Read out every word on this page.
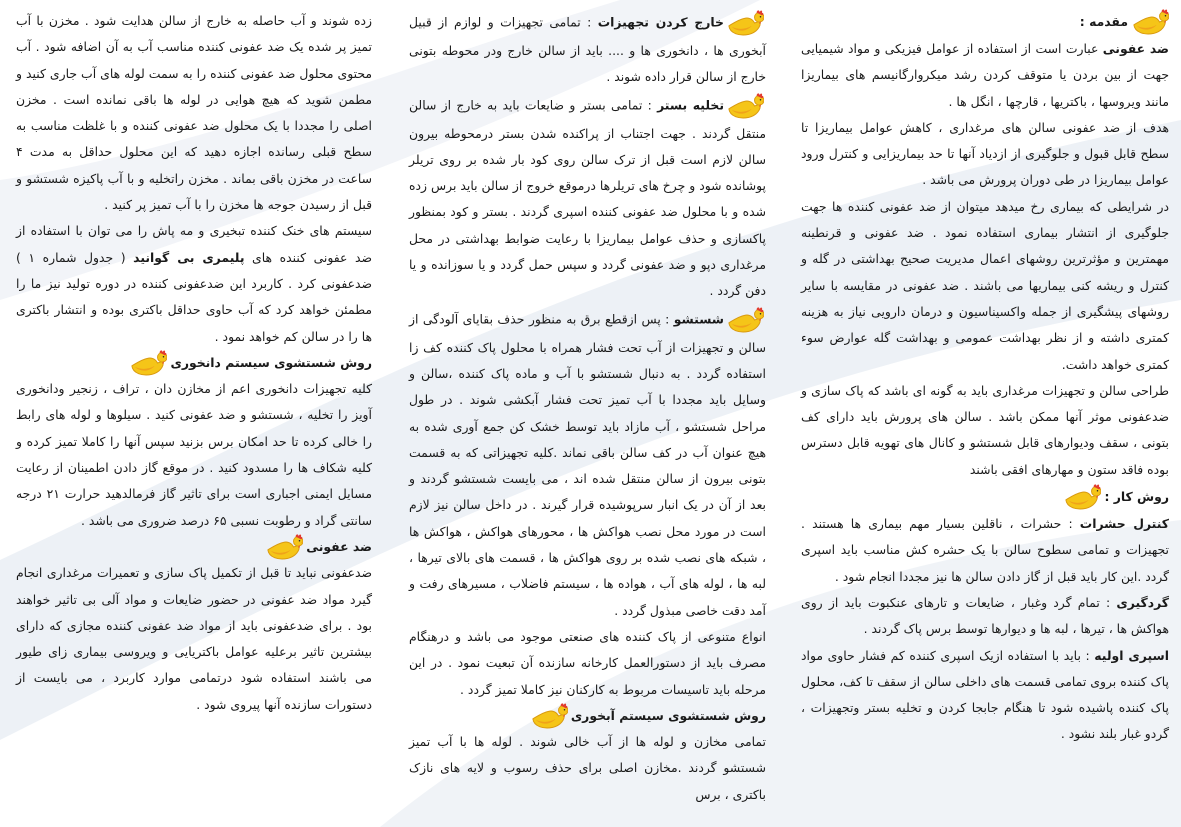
مقدمه :

ضد عفونی عبارت است از استفاده از عوامل فیزیکی و مواد شیمیایی جهت از بین بردن یا متوقف کردن رشد میکروارگانیسم های بیماریزا مانند ویروسها ، باکتریها ، قارچها ، انگل ها .

هدف از ضد عفونی سالن های مرغداری ، کاهش عوامل بیماریزا تا سطح قابل قبول و جلوگیری از ازدیاد آنها تا حد بیماریزایی و کنترل ورود عوامل بیماریزا در طی دوران پرورش می باشد .

در شرایطی که بیماری رخ میدهد میتوان از ضد عفونی کننده ها جهت جلوگیری از انتشار بیماری استفاده نمود . ضد عفونی و قرنطینه مهمترین و مؤثرترین روشهای اعمال مدیریت صحیح بهداشتی در گله و کنترل و ریشه کنی بیماریها می باشند . ضد عفونی در مقایسه با سایر روشهای پیشگیری از جمله واکسیناسیون و درمان دارویی نیاز به هزینه کمتری داشته و از نظر بهداشت عمومی و بهداشت گله عوارض سوء کمتری خواهد داشت.

طراحی سالن و تجهیزات مرغداری باید به گونه ای باشد که پاک سازی و ضدعفونی موثر آنها ممکن باشد . سالن های پرورش باید دارای کف بتونی ، سقف ودیوارهای قابل شستشو و کانال های تهویه قابل دسترس بوده فاقد ستون و مهارهای افقی باشند

روش کار :

کنترل حشرات : حشرات ، ناقلین بسیار مهم بیماری ها هستند . تجهیزات و تمامی سطوح سالن با یک حشره کش مناسب باید اسپری گردد .این کار باید قبل از گاز دادن سالن ها نیز مجددا انجام شود .

گردگیری : تمام گرد وغبار ، ضایعات و تارهای عنکبوت باید از روی هواکش ها ، تیرها ، لبه ها و دیوارها توسط برس پاک گردند .

اسپری اولیه : باید با استفاده ازیک اسپری کننده کم فشار حاوی مواد پاک کننده بروی تمامی قسمت های داخلی سالن از سقف تا کف، محلول پاک کننده پاشیده شود تا هنگام جابجا کردن و تخلیه بستر وتجهیزات ، گردو غبار بلند نشود .

خارج کردن تجهیزات : تمامی تجهیزات و لوازم از قبیل آبخوری ها ، دانخوری ها و .... باید از سالن خارج ودر محوطه بتونی خارج از سالن قرار داده شوند .

تخلیه بستر : تمامی بستر و ضایعات باید به خارج از سالن منتقل گردند . جهت اجتناب از پراکنده شدن بستر درمحوطه بیرون سالن لازم است قبل از ترک سالن روی کود بار شده بر روی تریلر پوشانده شود و چرخ های تریلرها درموقع خروج از سالن باید برس زده شده و با محلول ضد عفونی کننده اسپری گردند . بستر و کود بمنظور پاکسازی و حذف عوامل بیماریزا با رعایت ضوابط بهداشتی در محل مرغداری دپو و ضد عفونی گردد و سپس حمل گردد و یا سوزانده و یا دفن گردد .

شستشو : پس ازقطع برق به منظور حذف بقایای آلودگی از سالن و تجهیزات از آب تحت فشار همراه با محلول پاک کننده کف زا استفاده گردد . به دنبال شستشو با آب و ماده پاک کننده ،سالن و وسایل باید مجددا با آب تمیز تحت فشار آبکشی شوند . در طول مراحل شستشو ، آب مازاد باید توسط خشک کن جمع آوری شده به هیچ عنوان آب در کف سالن باقی نماند .کلیه تجهیزاتی که به قسمت بتونی بیرون از سالن منتقل شده اند ، می بایست شستشو گردند و بعد از آن در یک انبار سرپوشیده قرار گیرند . در داخل سالن نیز لازم است در مورد محل نصب هواکش ها ، محورهای هواکش ، هواکش ها ، شبکه های نصب شده بر روی هواکش ها ، قسمت های بالای تیرها ، لبه ها ، لوله های آب ، هواده ها ، سیستم فاضلاب ، مسیرهای رفت و آمد دقت خاصی مبذول گردد .

انواع متنوعی از پاک کننده های صنعتی موجود می باشد و درهنگام مصرف باید از دستورالعمل کارخانه سازنده آن تبعیت نمود . در این مرحله باید تاسیسات مربوط به کارکنان نیز کاملا تمیز گردد .

روش شستشوی سیستم آبخوری

تمامی مخازن و لوله ها از آب خالی شوند . لوله ها با آب تمیز شستشو گردند .مخازن اصلی برای حذف رسوب و لایه های نازک باکتری ، برس

زده شوند و آب حاصله به خارج از سالن هدایت شود . مخزن با آب تمیز پر شده یک ضد عفونی کننده مناسب آب به آن اضافه شود . آب محتوی محلول ضد عفونی کننده را به سمت لوله های آب جاری کنید و مطمن شوید که هیچ هوایی در لوله ها باقی نمانده است . مخزن اصلی را مجددا با یک محلول ضد عفونی کننده و با غلظت مناسب به سطح قبلی رسانده اجازه دهید که این محلول حداقل به مدت ۴ ساعت در مخزن باقی بماند . مخزن راتخلیه و با آب پاکیزه شستشو و قبل از رسیدن جوجه ها مخزن را با آب تمیز پر کنید .

سیستم های خنک کننده تبخیری و مه پاش را می توان با استفاده از ضد عفونی کننده های پلیمری بی گوانید ( جدول شماره ۱ ) ضدعفونی کرد . کاربرد این ضدعفونی کننده در دوره تولید نیز ما را مطمئن خواهد کرد که آب حاوی حداقل باکتری بوده و انتشار باکتری ها را در سالن کم خواهد نمود .

روش شستشوی سیستم دانخوری

کلیه تجهیزات دانخوری اعم از مخازن دان ، تراف ، زنجیر ودانخوری آویز را تخلیه ، شستشو و ضد عفونی کنید . سیلوها و لوله های رابط را خالی کرده تا حد امکان برس بزنید سپس آنها را کاملا تمیز کرده و کلیه شکاف ها را مسدود کنید . در موقع گاز دادن اطمینان از رعایت مسایل ایمنی اجباری است برای تاثیر گاز فرمالدهید حرارت ۲۱ درجه سانتی گراد و رطوبت نسبی ۶۵ درصد ضروری می باشد .

ضد عفونی

ضدعفونی نباید تا قبل از تکمیل پاک سازی و تعمیرات مرغداری انجام گیرد مواد ضد عفونی در حضور ضایعات و مواد آلی بی تاثیر خواهند بود . برای ضدعفونی باید از مواد ضد عفونی کننده مجازی که دارای بیشترین تاثیر برعلیه عوامل باکتریایی و ویروسی بیماری زای طیور می باشند استفاده شود درتمامی موارد کاربرد ، می بایست از دستورات سازنده آنها پیروی شود .
